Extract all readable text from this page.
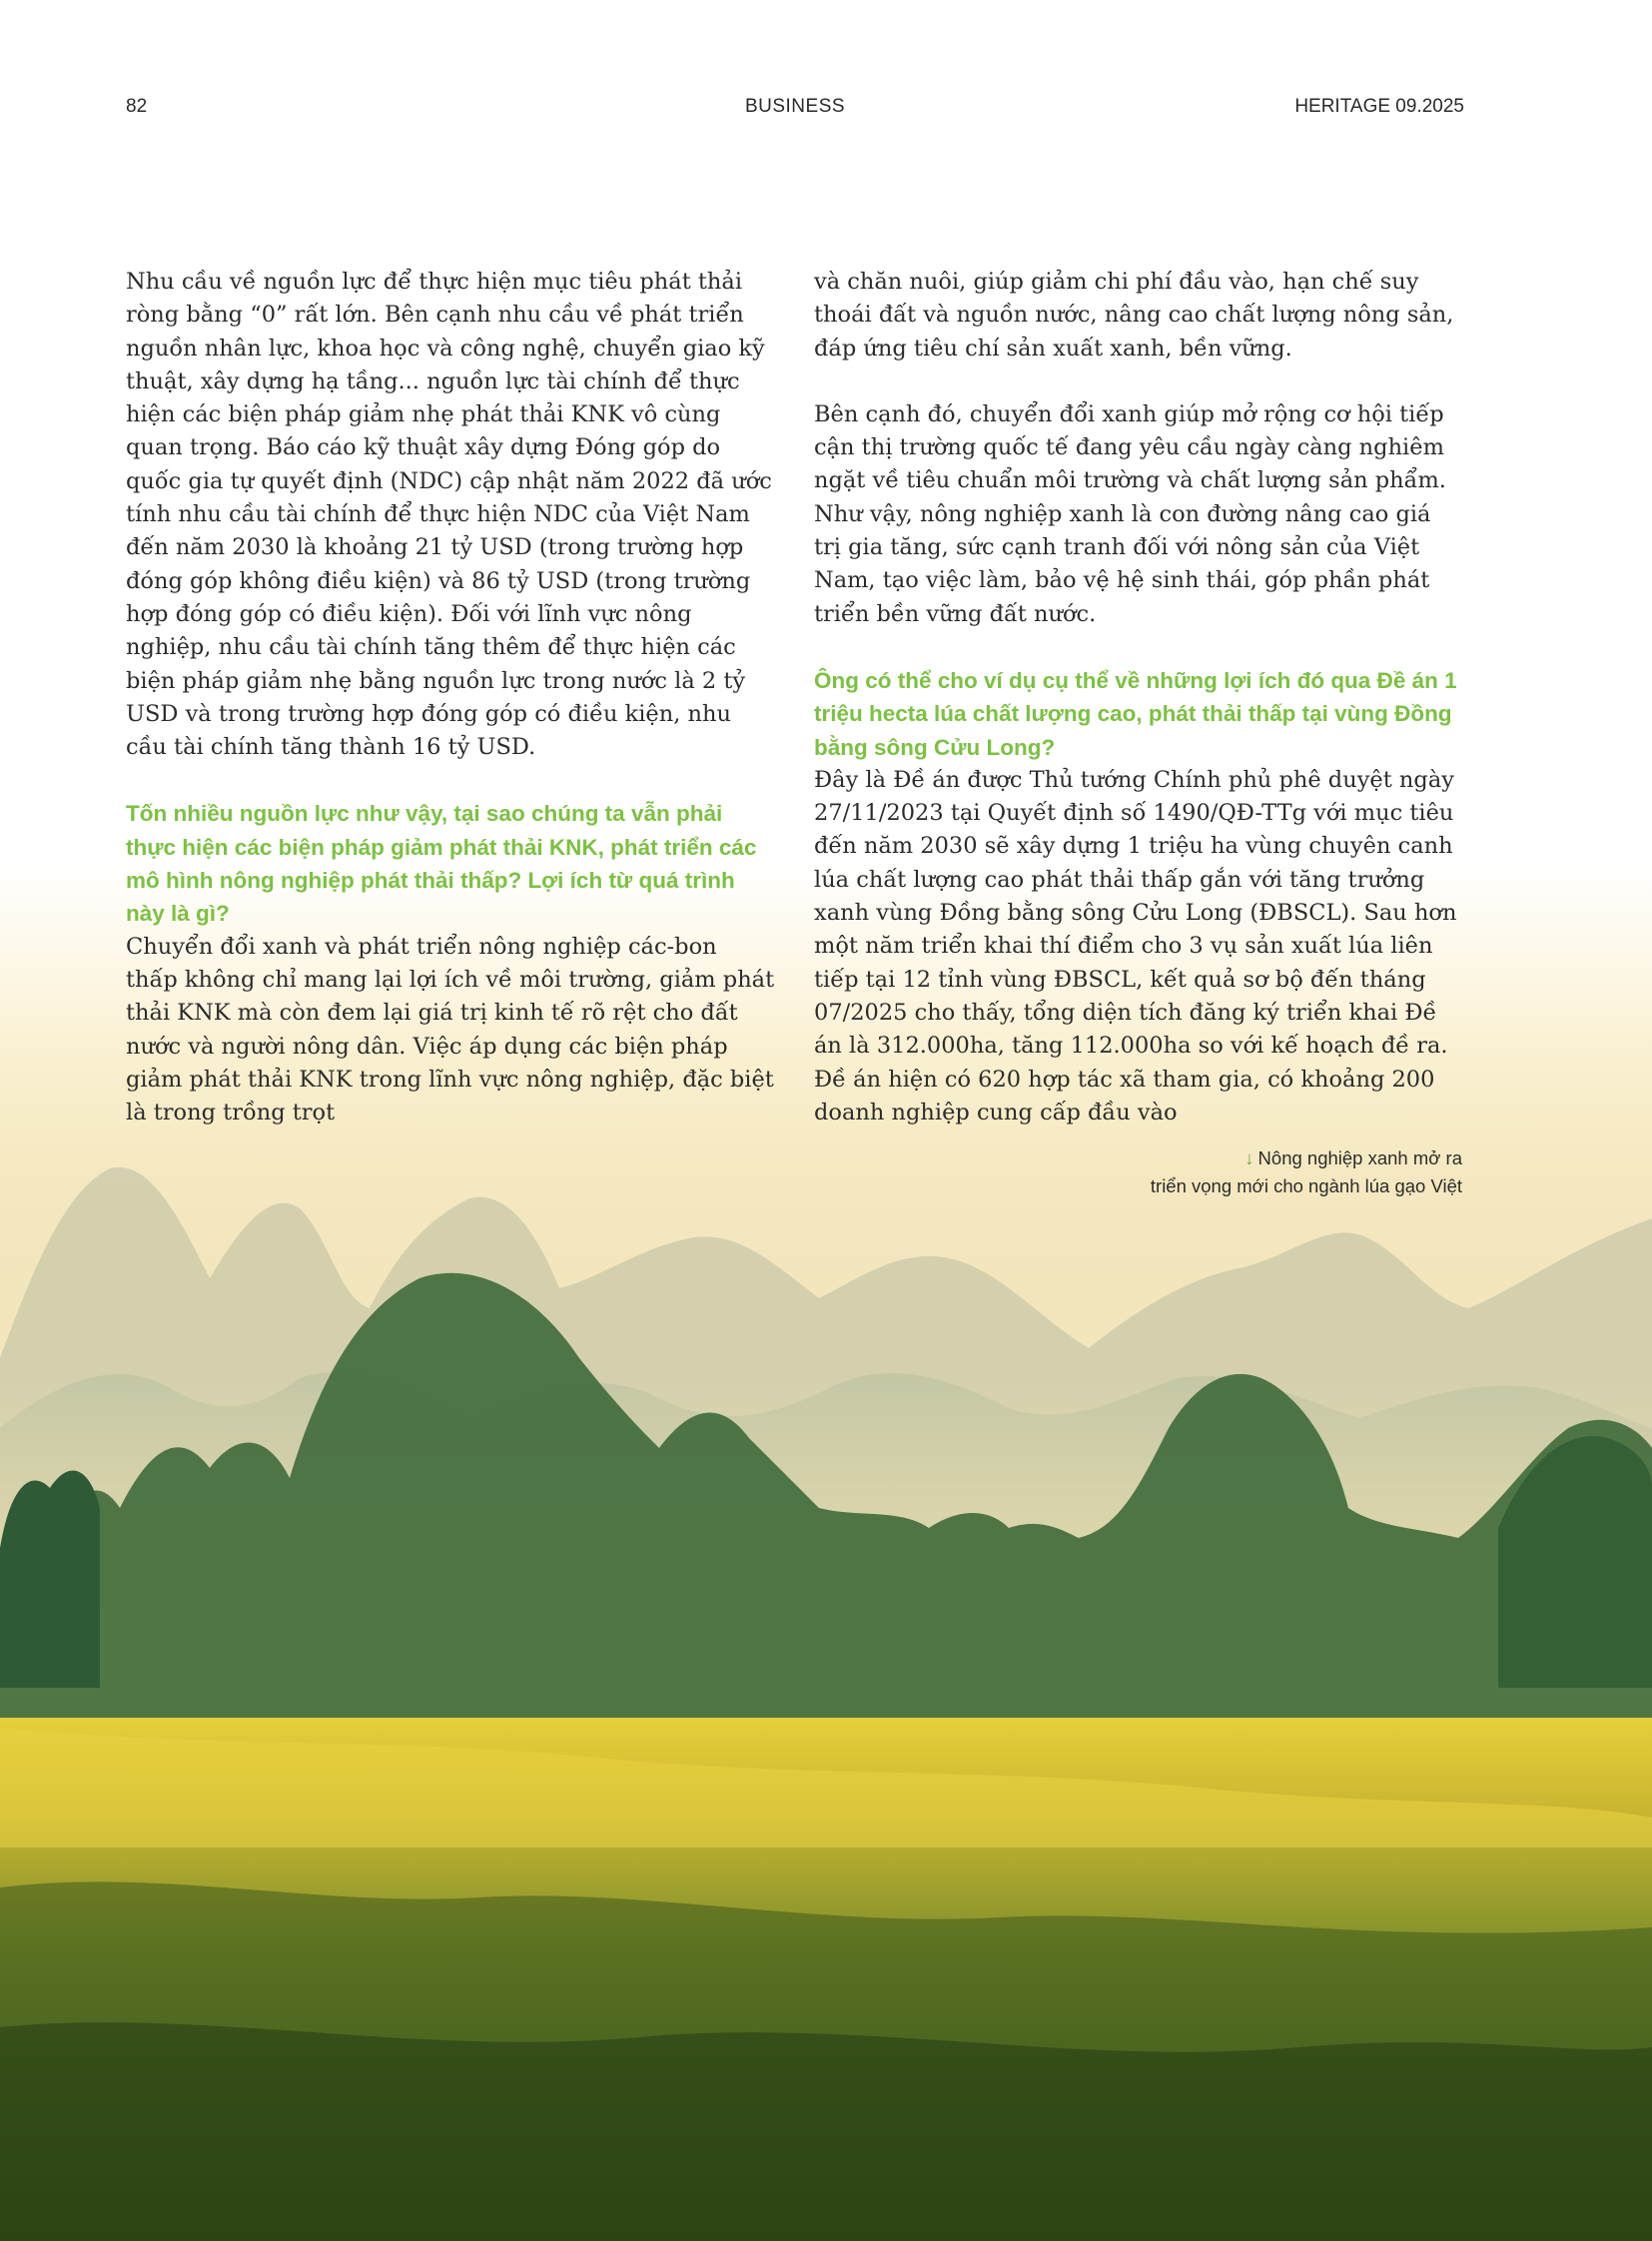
82	BUSINESS	HERITAGE 09.2025

Nhu cầu về nguồn lực để thực hiện mục tiêu phát thải ròng bằng “0” rất lớn. Bên cạnh nhu cầu về phát triển nguồn nhân lực, khoa học và công nghệ, chuyển giao kỹ thuật, xây dựng hạ tầng... nguồn lực tài chính để thực hiện các biện pháp giảm nhẹ phát thải KNK vô cùng quan trọng. Báo cáo kỹ thuật xây dựng Đóng góp do quốc gia tự quyết định (NDC) cập nhật năm 2022 đã ước tính nhu cầu tài chính để thực hiện NDC của Việt Nam đến năm 2030 là khoảng 21 tỷ USD (trong trường hợp đóng góp không điều kiện) và 86 tỷ USD (trong trường hợp đóng góp có điều kiện). Đối với lĩnh vực nông nghiệp, nhu cầu tài chính tăng thêm để thực hiện các biện pháp giảm nhẹ bằng nguồn lực trong nước là 2 tỷ USD và trong trường hợp đóng góp có điều kiện, nhu cầu tài chính tăng thành 16 tỷ USD.

Tốn nhiều nguồn lực như vậy, tại sao chúng ta vẫn phải thực hiện các biện pháp giảm phát thải KNK, phát triển các mô hình nông nghiệp phát thải thấp? Lợi ích từ quá trình này là gì?

Chuyển đổi xanh và phát triển nông nghiệp các-bon thấp không chỉ mang lại lợi ích về môi trường, giảm phát thải KNK mà còn đem lại giá trị kinh tế rõ rệt cho đất nước và người nông dân. Việc áp dụng các biện pháp giảm phát thải KNK trong lĩnh vực nông nghiệp, đặc biệt là trong trồng trọt

và chăn nuôi, giúp giảm chi phí đầu vào, hạn chế suy thoái đất và nguồn nước, nâng cao chất lượng nông sản, đáp ứng tiêu chí sản xuất xanh, bền vững.

Bên cạnh đó, chuyển đổi xanh giúp mở rộng cơ hội tiếp cận thị trường quốc tế đang yêu cầu ngày càng nghiêm ngặt về tiêu chuẩn môi trường và chất lượng sản phẩm. Như vậy, nông nghiệp xanh là con đường nâng cao giá trị gia tăng, sức cạnh tranh đối với nông sản của Việt Nam, tạo việc làm, bảo vệ hệ sinh thái, góp phần phát triển bền vững đất nước.

Ông có thể cho ví dụ cụ thể về những lợi ích đó qua Đề án 1 triệu hecta lúa chất lượng cao, phát thải thấp tại vùng Đồng bằng sông Cửu Long?

Đây là Đề án được Thủ tướng Chính phủ phê duyệt ngày 27/11/2023 tại Quyết định số 1490/QĐ-TTg với mục tiêu đến năm 2030 sẽ xây dựng 1 triệu ha vùng chuyên canh lúa chất lượng cao phát thải thấp gắn với tăng trưởng xanh vùng Đồng bằng sông Cửu Long (ĐBSCL). Sau hơn một năm triển khai thí điểm cho 3 vụ sản xuất lúa liên tiếp tại 12 tỉnh vùng ĐBSCL, kết quả sơ bộ đến tháng 07/2025 cho thấy, tổng diện tích đăng ký triển khai Đề án là 312.000ha, tăng 112.000ha so với kế hoạch đề ra. Đề án hiện có 620 hợp tác xã tham gia, có khoảng 200 doanh nghiệp cung cấp đầu vào

↓ Nông nghiệp xanh mở ra
triển vọng mới cho ngành lúa gạo Việt
